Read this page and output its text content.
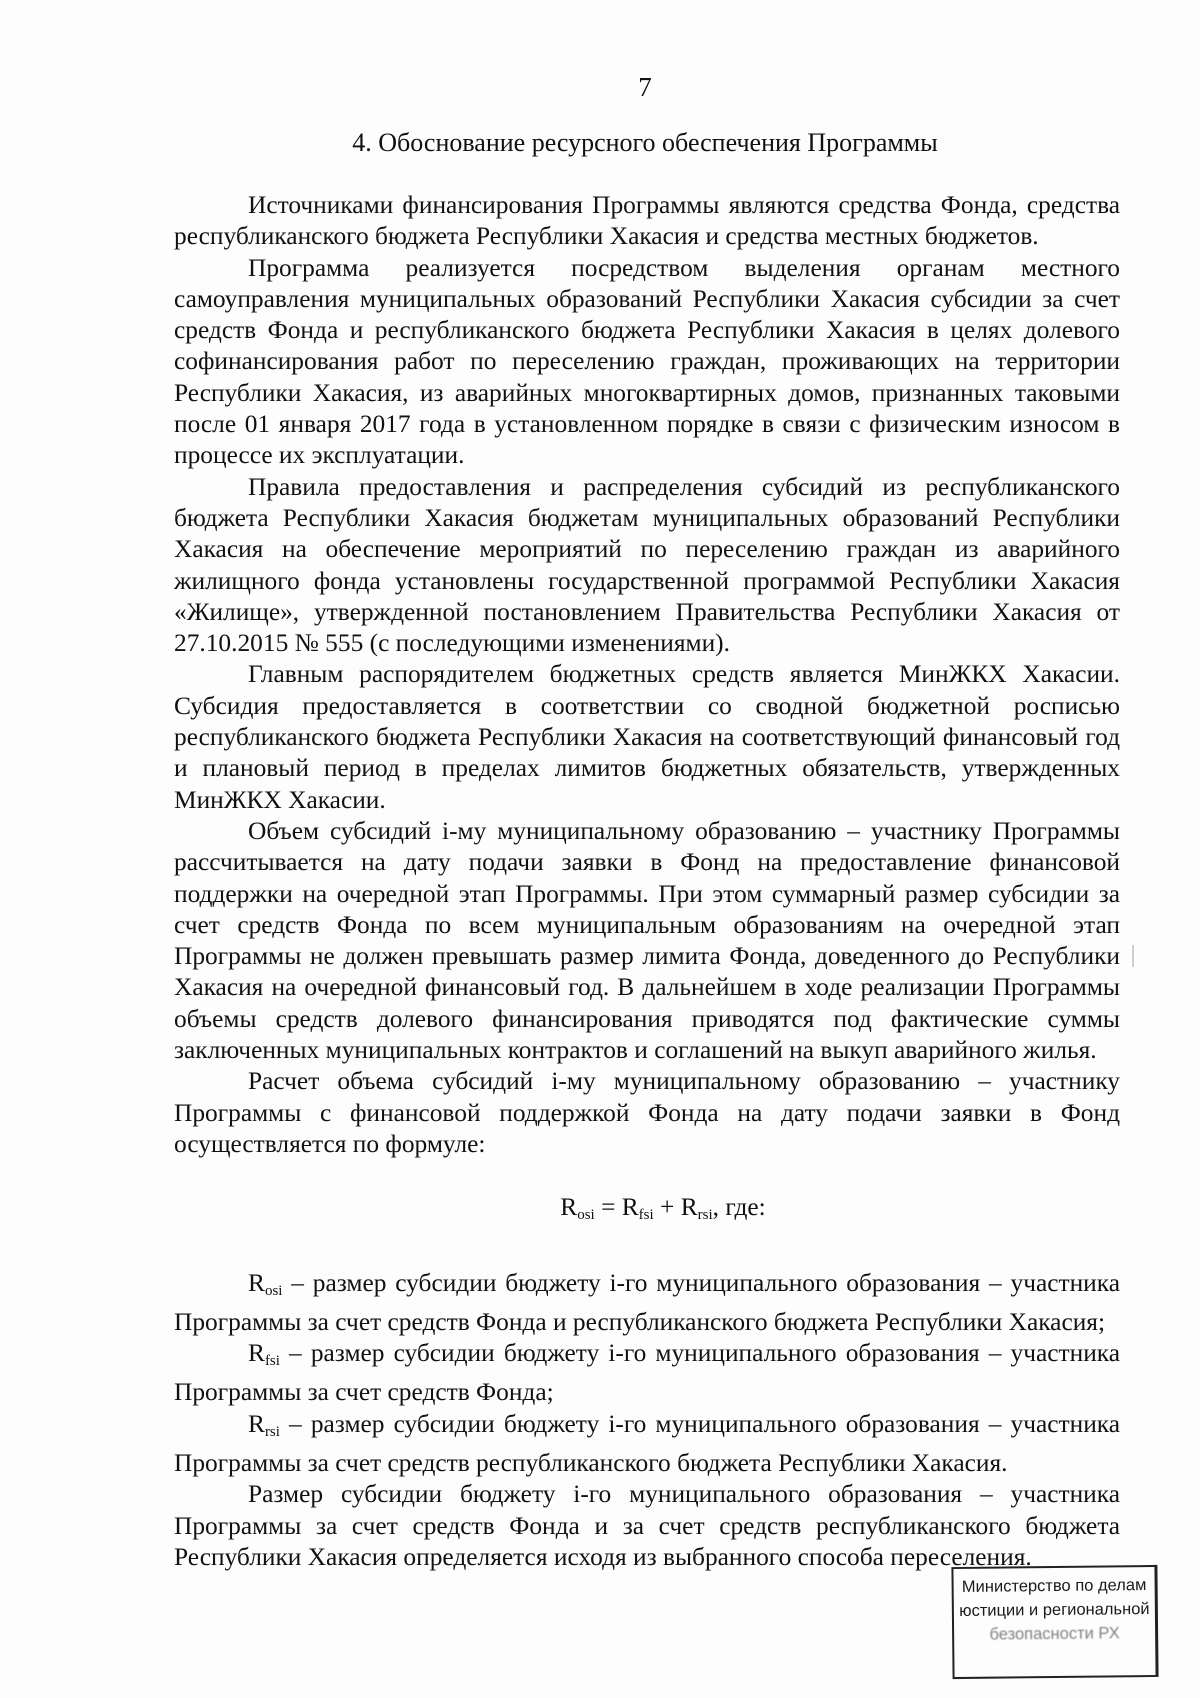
7
4. Обоснование ресурсного обеспечения Программы

Источниками финансирования Программы являются средства Фонда, средства республиканского бюджета Республики Хакасия и средства местных бюджетов.

Программа реализуется посредством выделения органам местного самоуправления муниципальных образований Республики Хакасия субсидии за счет средств Фонда и республиканского бюджета Республики Хакасия в целях долевого софинансирования работ по переселению граждан, проживающих на территории Республики Хакасия, из аварийных многоквартирных домов, признанных таковыми после 01 января 2017 года в установленном порядке в связи с физическим износом в процессе их эксплуатации.

Правила предоставления и распределения субсидий из республиканского бюджета Республики Хакасия бюджетам муниципальных образований Республики Хакасия на обеспечение мероприятий по переселению граждан из аварийного жилищного фонда установлены государственной программой Республики Хакасия «Жилище», утвержденной постановлением Правительства Республики Хакасия от 27.10.2015 № 555 (с последующими изменениями).

Главным распорядителем бюджетных средств является МинЖКХ Хакасии. Субсидия предоставляется в соответствии со сводной бюджетной росписью республиканского бюджета Республики Хакасия на соответствующий финансовый год и плановый период в пределах лимитов бюджетных обязательств, утвержденных МинЖКХ Хакасии.

Объем субсидий i-му муниципальному образованию – участнику Программы рассчитывается на дату подачи заявки в Фонд на предоставление финансовой поддержки на очередной этап Программы. При этом суммарный размер субсидии за счет средств Фонда по всем муниципальным образованиям на очередной этап Программы не должен превышать размер лимита Фонда, доведенного до Республики Хакасия на очередной финансовый год. В дальнейшем в ходе реализации Программы объемы средств долевого финансирования приводятся под фактические суммы заключенных муниципальных контрактов и соглашений на выкуп аварийного жилья.

Расчет объема субсидий i-му муниципальному образованию – участнику Программы с финансовой поддержкой Фонда на дату подачи заявки в Фонд осуществляется по формуле:

$R_{osi} = R_{fsi} + R_{rsi}$, где:

$R_{osi}$ – размер субсидии бюджету i-го муниципального образования – участника Программы за счет средств Фонда и республиканского бюджета Республики Хакасия;

$R_{fsi}$ – размер субсидии бюджету i-го муниципального образования – участника Программы за счет средств Фонда;

$R_{rsi}$ – размер субсидии бюджету i-го муниципального образования – участника Программы за счет средств республиканского бюджета Республики Хакасия.

Размер субсидии бюджету i-го муниципального образования – участника Программы за счет средств Фонда и за счет средств республиканского бюджета Республики Хакасия определяется исходя из выбранного способа переселения.

Министерство по делам
юстиции и региональной
безопасности РХ
